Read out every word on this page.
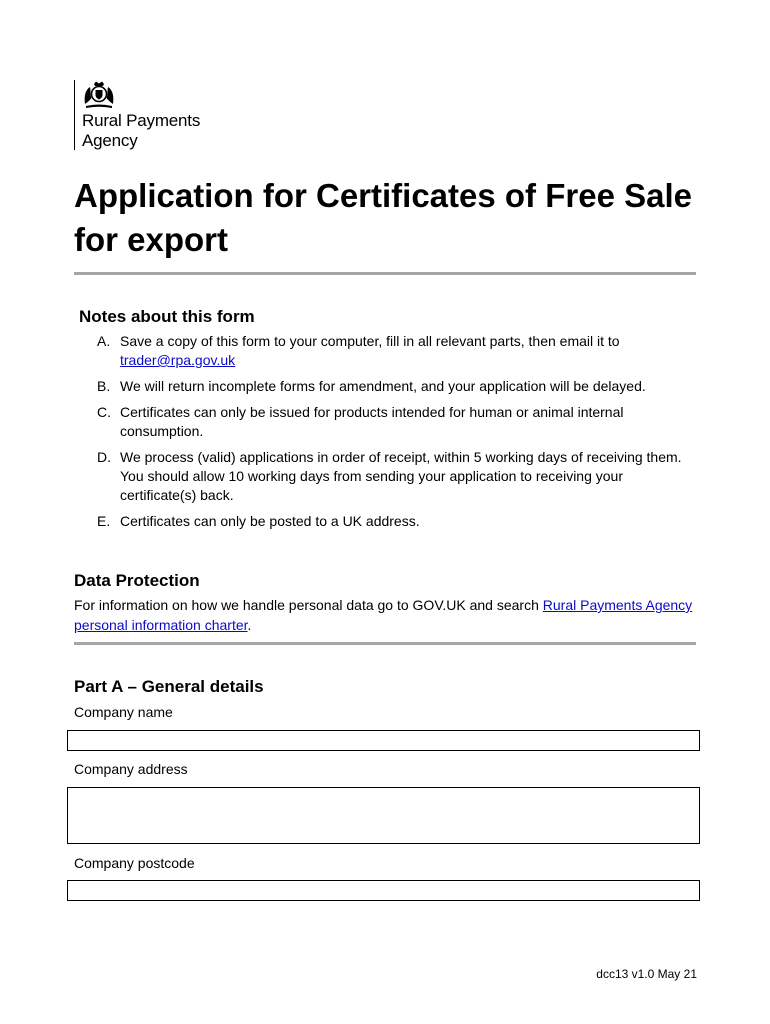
Rural Payments
Agency
Application for Certificates of Free Sale for export
Notes about this form
A. Save a copy of this form to your computer, fill in all relevant parts, then email it to trader@rpa.gov.uk
B. We will return incomplete forms for amendment, and your application will be delayed.
C. Certificates can only be issued for products intended for human or animal internal consumption.
D. We process (valid) applications in order of receipt, within 5 working days of receiving them. You should allow 10 working days from sending your application to receiving your certificate(s) back.
E. Certificates can only be posted to a UK address.
Data Protection

For information on how we handle personal data go to GOV.UK and search Rural Payments Agency personal information charter.

Part A – General details
Company name
Company address
Company postcode
dcc13 v1.0 May 21
